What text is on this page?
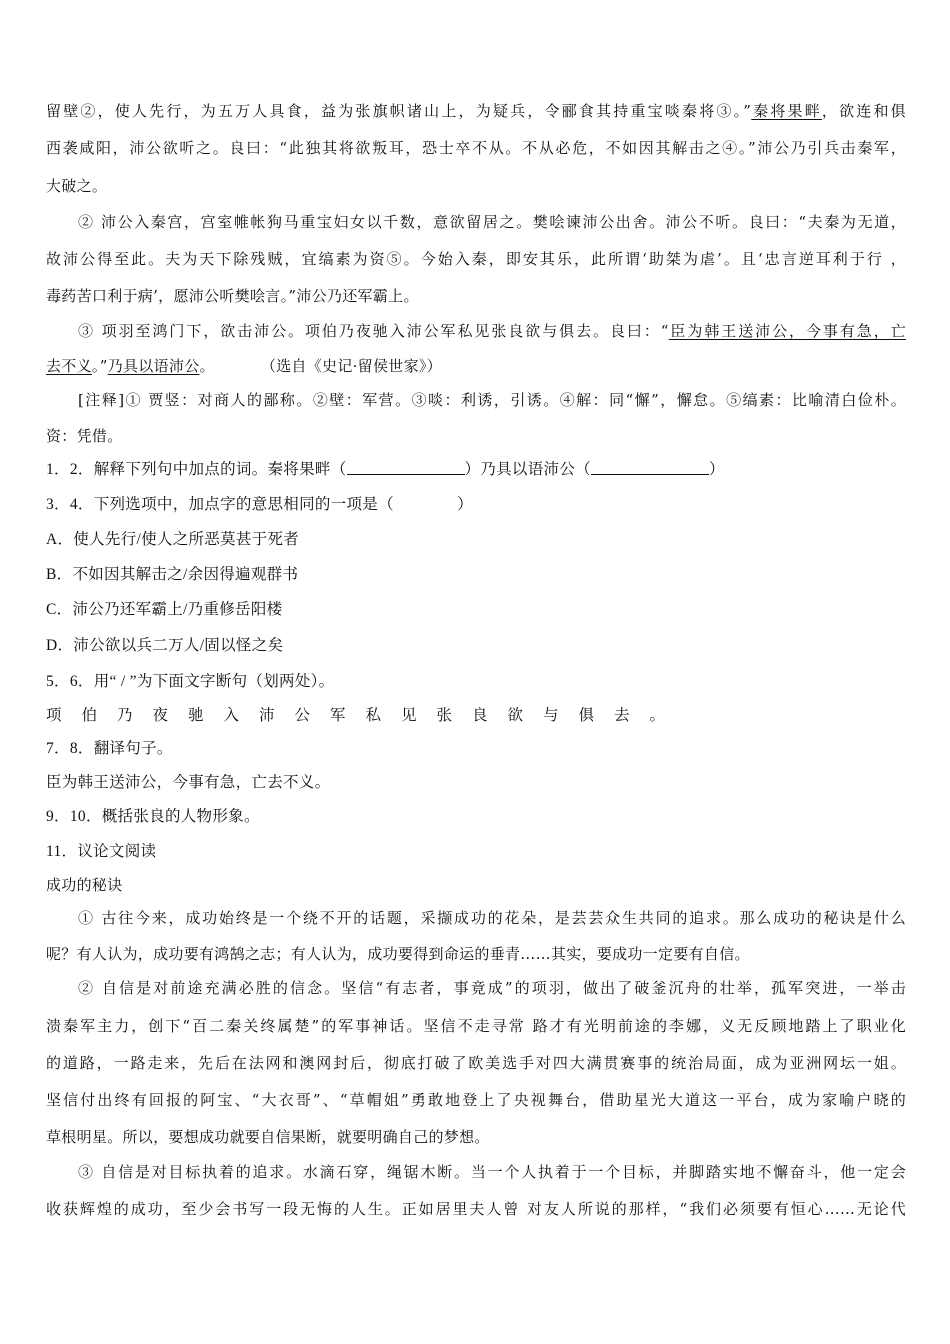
留壁②，使人先行，为五万人具食，益为张旗帜诸山上，为疑兵，令郦食其持重宝啖秦将③。”秦将果畔，欲连和俱
西袭咸阳，沛公欲听之。良曰：“此独其将欲叛耳，恐士卒不从。不从必危，不如因其解击之④。”沛公乃引兵击秦军，
大破之。
② 沛公入秦宫，宫室帷帐狗马重宝妇女以千数，意欲留居之。樊哙谏沛公出舍。沛公不听。良曰：“夫秦为无道，
故沛公得至此。夫为天下除残贼，宜缟素为资⑤。今始入秦，即安其乐，此所谓‘助桀为虐’。且‘忠言逆耳利于行 ，
毒药苦口利于病’，愿沛公听樊哙言。”沛公乃还军霸上。
③ 项羽至鸿门下，欲击沛公。项伯乃夜驰入沛公军私见张良欲与俱去。良曰：“臣为韩王送沛公，今事有急，亡
去不义。”乃具以语沛公。	（选自《史记·留侯世家》）
[注释]① 贾竖：对商人的鄙称。②壁：军营。③啖：利诱，引诱。④解：同“懈”，懈怠。⑤缟素：比喻清白俭朴。
资：凭借。
1．2．解释下列句中加点的词。秦将果畔（	）乃具以语沛公（	）
3．4．下列选项中，加点字的意思相同的一项是（　　　　）
A．使人先行/使人之所恶莫甚于死者
B．不如因其解击之/余因得遍观群书
C．沛公乃还军霸上/乃重修岳阳楼
D．沛公欲以兵二万人/固以怪之矣
5．6．用“ / ”为下面文字断句（划两处）。
项伯乃夜驰入沛公军私见张良欲与俱去。
7．8．翻译句子。
臣为韩王送沛公，今事有急，亡去不义。
9．10．概括张良的人物形象。
11．议论文阅读
成功的秘诀
① 古往今来，成功始终是一个绕不开的话题，采撷成功的花朵，是芸芸众生共同的追求。那么成功的秘诀是什么
呢？有人认为，成功要有鸿鹄之志；有人认为，成功要得到命运的垂青……其实，要成功一定要有自信。
② 自信是对前途充满必胜的信念。坚信“有志者，事竟成”的项羽，做出了破釜沉舟的壮举，孤军突进，一举击
溃秦军主力，创下“百二秦关终属楚”的军事神话。坚信不走寻常 路才有光明前途的李娜，义无反顾地踏上了职业化
的道路，一路走来，先后在法网和澳网封后，彻底打破了欧美选手对四大满贯赛事的统治局面，成为亚洲网坛一姐。
坚信付出终有回报的阿宝、“大衣哥”、“草帽姐”勇敢地登上了央视舞台，借助星光大道这一平台，成为家喻户晓的
草根明星。所以，要想成功就要自信果断，就要明确自己的梦想。
③ 自信是对目标执着的追求。水滴石穿，绳锯木断。当一个人执着于一个目标，并脚踏实地不懈奋斗，他一定会
收获辉煌的成功，至少会书写一段无悔的人生。正如居里夫人曾 对友人所说的那样，“我们必须要有恒心……无论代
